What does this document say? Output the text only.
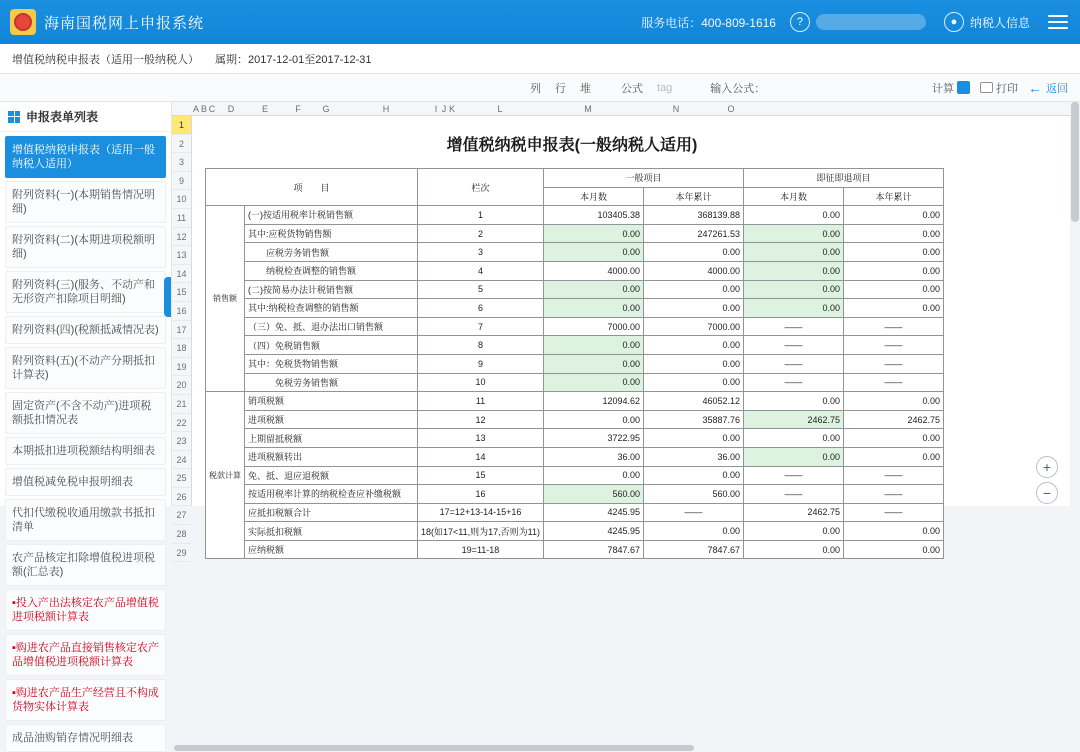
海南国税网上申报系统	服务电话：400-809-1616	?	●	纳税人信息
增值税纳税申报表（适用一般纳税人） 属期：2017-12-01至2017-12-31
列 行 堆	公式 tag	输入公式：	计算	打印 ← 返回
申报表单列表
增值税纳税申报表（适用一般纳税人适用）
附列资料(一)(本期销售情况明细)
附列资料(二)(本期进项税额明细)
附列资料(三)(服务、不动产和无形资产扣除项目明细)
附列资料(四)(税额抵减情况表)
附列资料(五)(不动产分期抵扣计算表)
固定资产(不含不动产)进项税额抵扣情况表
本期抵扣进项税额结构明细表
增值税减免税申报明细表
代扣代缴税收通用缴款书抵扣清单
农产品核定扣除增值税进项税额(汇总表)
▪投入产出法核定农产品增值税进项税额计算表
▪购进农产品直接销售核定农产品增值税进项税额计算表
▪购进农产品生产经营且不构成货物实体计算表
成品油购销存情况明细表
A B C	D	E	F	G	H	I J K	L	M	N	O
1
2
3
9
10
11
12
13
14
15
16
17
18
19
20
21
22
23
24
25
26
27
28
29
增值税纳税申报表(一般纳税人适用)
项　　目		栏次	一般项目		即征即退项目	
			本月数	本年累计	本月数	本年累计
销售额	(一)按适用税率计税销售额	1	103405.38	368139.88	0.00	0.00
	其中:应税货物销售额	2	0.00	247261.53	0.00	0.00
	　　应税劳务销售额	3	0.00	0.00	0.00	0.00
	　　纳税检查调整的销售额	4	4000.00	4000.00	0.00	0.00
	(二)按简易办法计税销售额	5	0.00	0.00	0.00	0.00
	其中:纳税检查调整的销售额	6	0.00	0.00	0.00	0.00
	（三）免、抵、退办法出口销售额	7	7000.00	7000.00	——	——
	（四）免税销售额	8	0.00	0.00	——	——
	其中：免税货物销售额	9	0.00	0.00	——	——
	　　　免税劳务销售额	10	0.00	0.00	——	——
税款计算	销项税额	11	12094.62	46052.12	0.00	0.00
	进项税额	12	0.00	35887.76	2462.75	2462.75
	上期留抵税额	13	3722.95	0.00	0.00	0.00
	进项税额转出	14	36.00	36.00	0.00	0.00
	免、抵、退应退税额	15	0.00	0.00	——	——
	按适用税率计算的纳税检查应补缴税额	16	560.00	560.00	——	——
	应抵扣税额合计	17=12+13-14-15+16	4245.95	——	2462.75	——
	实际抵扣税额	18(如17<11,则为17,否则为11)	4245.95	0.00	0.00	0.00
	应纳税额	19=11-18	7847.67	7847.67	0.00	0.00
+
−
